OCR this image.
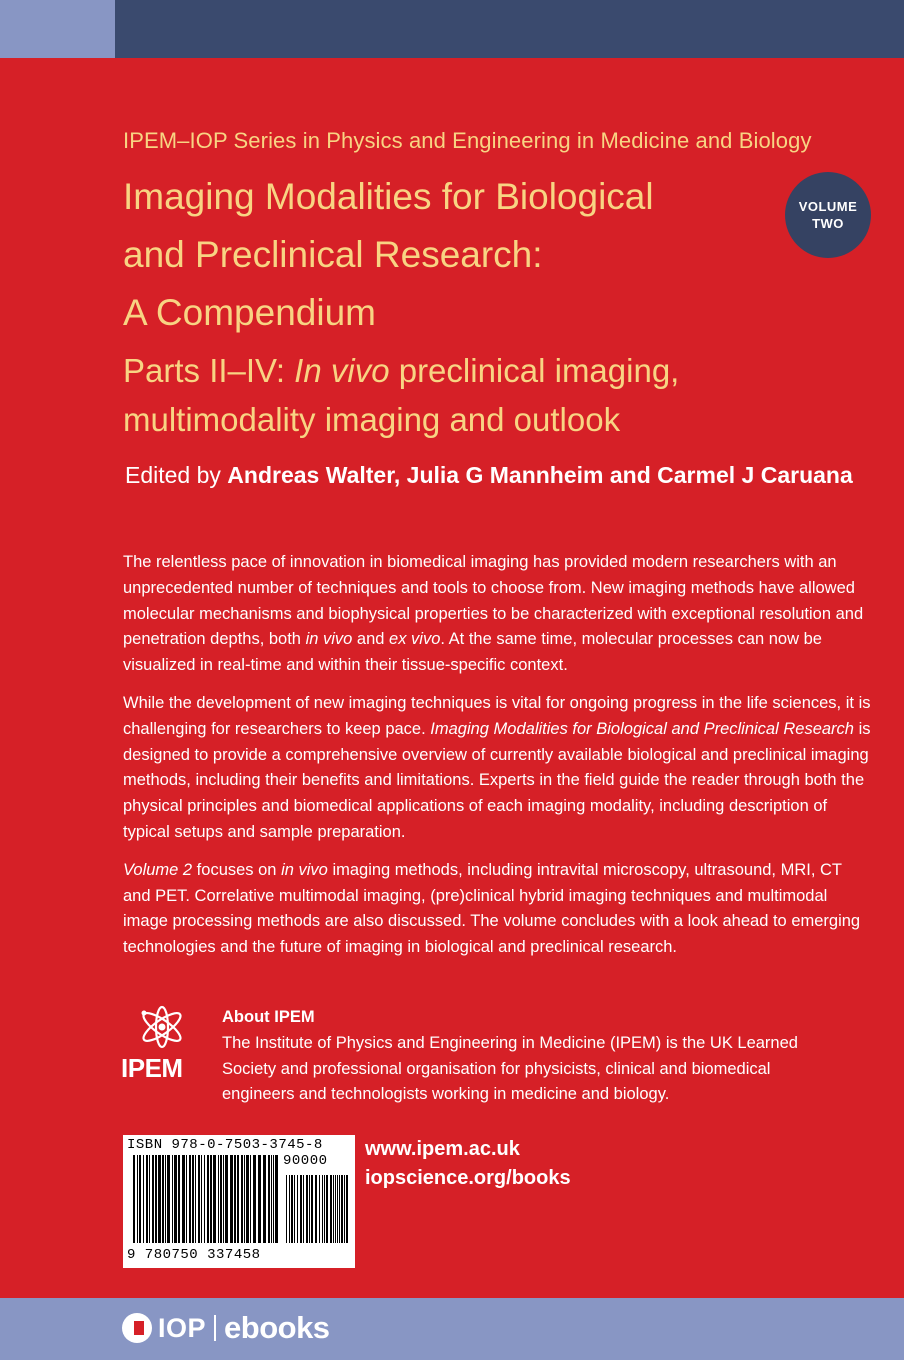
IPEM–IOP Series in Physics and Engineering in Medicine and Biology
Imaging Modalities for Biological
and Preclinical Research:
A Compendium
Parts II–IV: In vivo preclinical imaging,
multimodality imaging and outlook
VOLUME
TWO
Edited by Andreas Walter, Julia G Mannheim and Carmel J Caruana

The relentless pace of innovation in biomedical imaging has provided modern researchers with an unprecedented number of techniques and tools to choose from. New imaging methods have allowed molecular mechanisms and biophysical properties to be characterized with exceptional resolution and penetration depths, both in vivo and ex vivo. At the same time, molecular processes can now be visualized in real-time and within their tissue-specific context.

While the development of new imaging techniques is vital for ongoing progress in the life sciences, it is challenging for researchers to keep pace. Imaging Modalities for Biological and Preclinical Research is designed to provide a comprehensive overview of currently available biological and preclinical imaging methods, including their benefits and limitations. Experts in the field guide the reader through both the physical principles and biomedical applications of each imaging modality, including description of typical setups and sample preparation.

Volume 2 focuses on in vivo imaging methods, including intravital microscopy, ultrasound, MRI, CT and PET. Correlative multimodal imaging, (pre)clinical hybrid imaging techniques and multimodal image processing methods are also discussed. The volume concludes with a look ahead to emerging technologies and the future of imaging in biological and preclinical research.

IPEM
About IPEM
The Institute of Physics and Engineering in Medicine (IPEM) is the UK Learned Society and professional organisation for physicists, clinical and biomedical engineers and technologists working in medicine and biology.
ISBN 978-0-7503-3745-8
90000
9 780750 337458
www.ipem.ac.uk
iopscience.org/books
IOP ebooks
